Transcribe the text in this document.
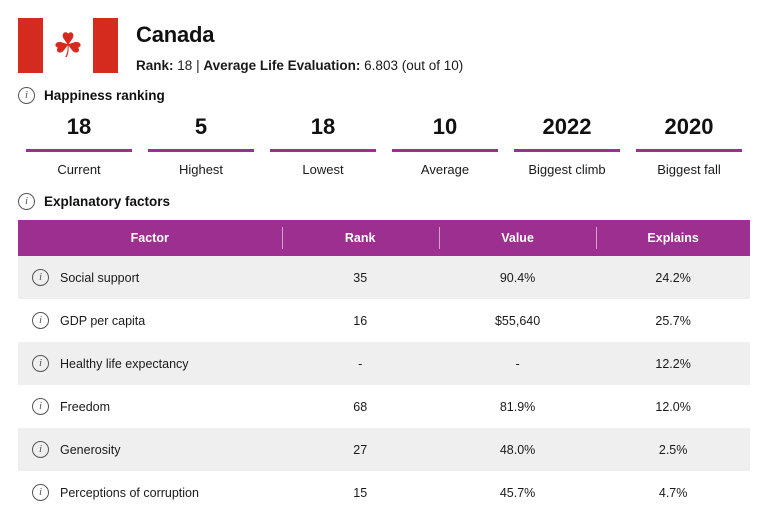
☘ Canada
Rank: 18 | Average Life Evaluation: 6.803 (out of 10)
i	Happiness ranking
18
Current
5
Highest
18
Lowest
10
Average
2022
Biggest climb
2020
Biggest fall
i	Explanatory factors
Factor	Rank	Value	Explains

i Social support	35	90.4%	24.2%

i GDP per capita	16	$55,640	25.7%

i Healthy life expectancy	-	-	12.2%

i Freedom	68	81.9%	12.0%

i Generosity	27	48.0%	2.5%

i Perceptions of corruption	15	45.7%	4.7%
